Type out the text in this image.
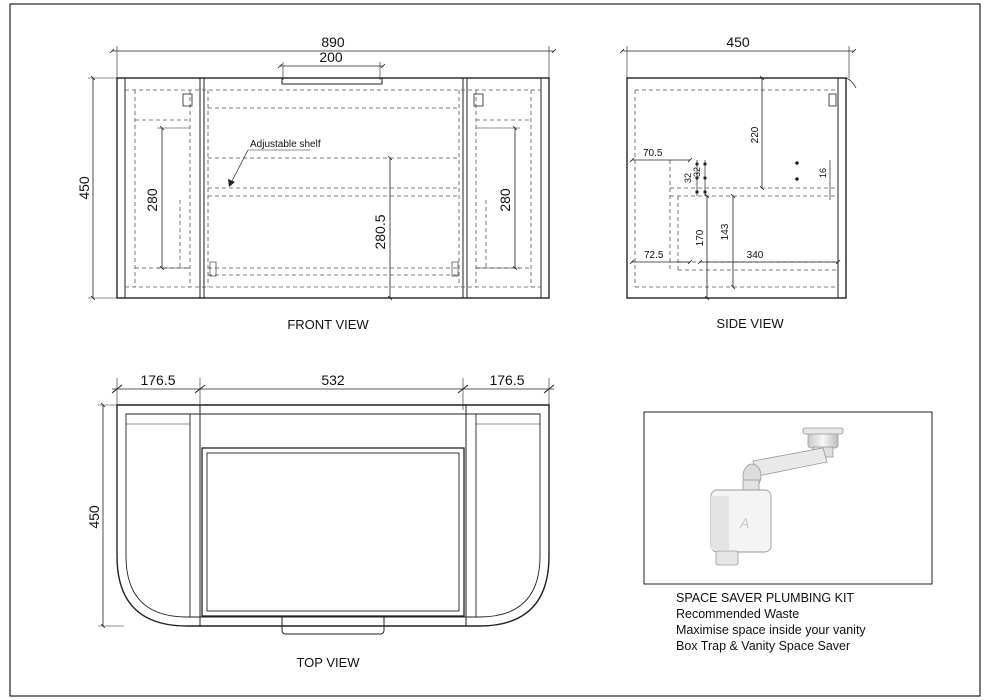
890
200
450
280	280
280.5
Adjustable shelf
FRONT VIEW
450
220
70.5
32
32	16
170 143
72.5	340
SIDE VIEW
176.5	532	176.5
450
TOP VIEW
A
SPACE SAVER PLUMBING KIT
Recommended Waste
Maximise space inside your vanity
Box Trap & Vanity Space Saver
